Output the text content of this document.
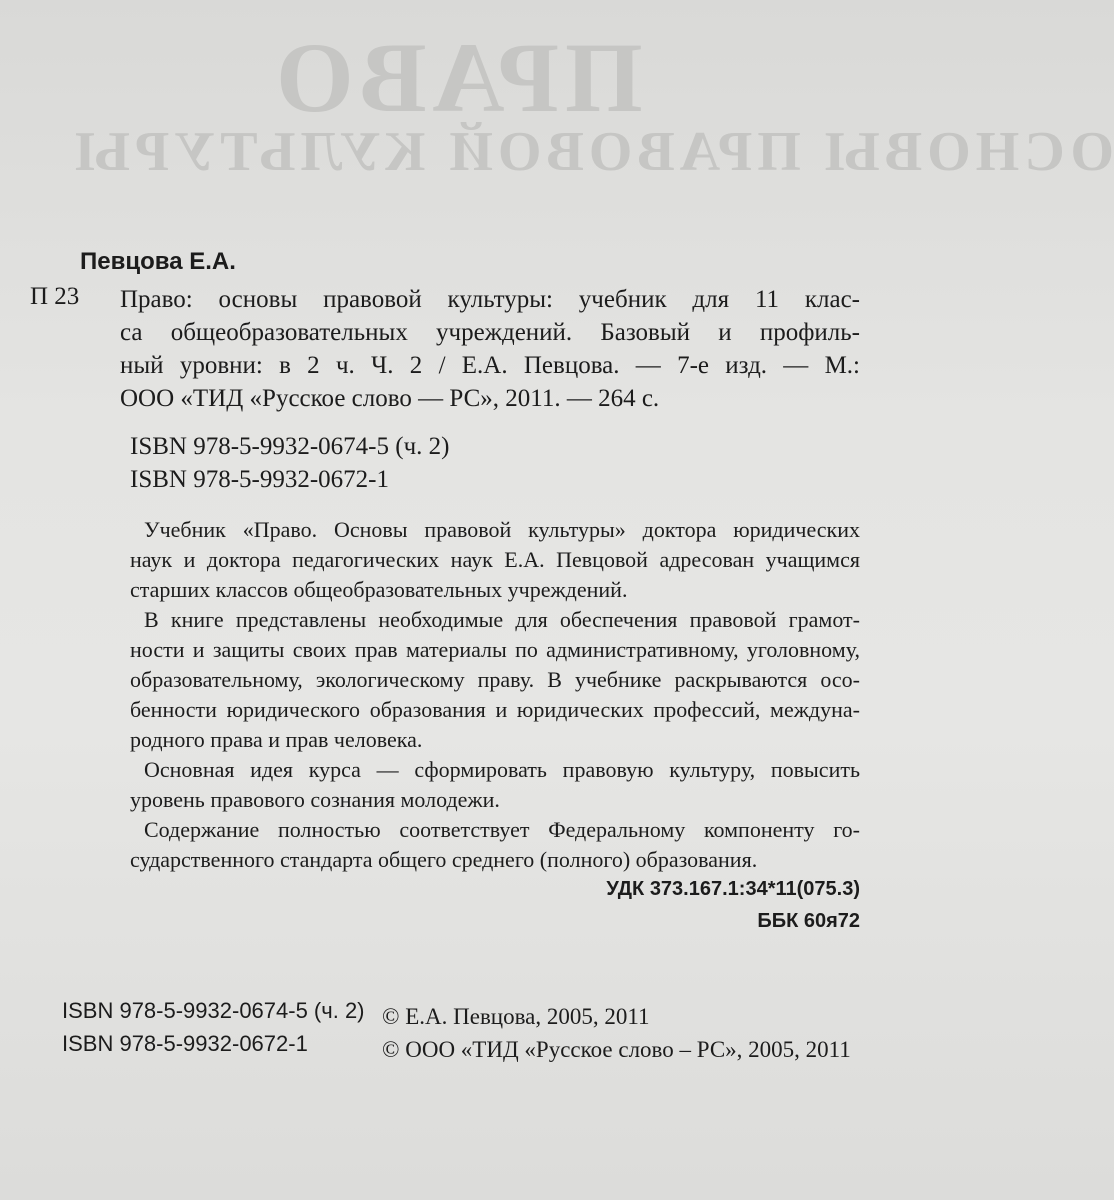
ПРАВО
ОСНОВЫ ПРАВОВОЙ КУЛЬТУРЫ
Певцова Е.А.
П 23 Право: основы правовой культуры: учебник для 11 клас-
са общеобразовательных учреждений. Базовый и профиль-
ный уровни: в 2 ч. Ч. 2 / Е.А. Певцова. — 7-е изд. — М.:
ООО «ТИД «Русское слово — РС», 2011. — 264 с.
ISBN 978-5-9932-0674-5 (ч. 2)
ISBN 978-5-9932-0672-1
Учебник «Право. Основы правовой культуры» доктора юридических
наук и доктора педагогических наук Е.А. Певцовой адресован учащимся
старших классов общеобразовательных учреждений.
В книге представлены необходимые для обеспечения правовой грамот-
ности и защиты своих прав материалы по административному, уголовному,
образовательному, экологическому праву. В учебнике раскрываются осо-
бенности юридического образования и юридических профессий, междуна-
родного права и прав человека.
Основная идея курса — сформировать правовую культуру, повысить
уровень правового сознания молодежи.
Содержание полностью соответствует Федеральному компоненту го-
сударственного стандарта общего среднего (полного) образования.
УДК 373.167.1:34*11(075.3)
ББК 60я72
ISBN 978-5-9932-0674-5 (ч. 2)
ISBN 978-5-9932-0672-1
© Е.А. Певцова, 2005, 2011
© ООО «ТИД «Русское слово – РС», 2005, 2011
